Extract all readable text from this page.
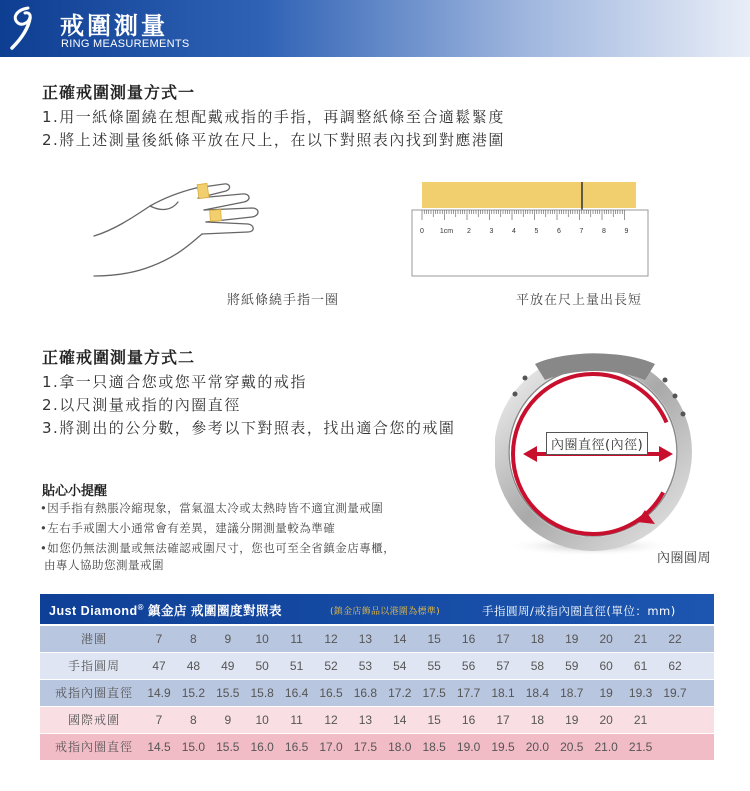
戒圍測量
RING MEASUREMENTS
正確戒圍測量方式一
1.用一紙條圍繞在想配戴戒指的手指，再調整紙條至合適鬆緊度
2.將上述測量後紙條平放在尺上，在以下對照表內找到對應港圍
0 1cm 2	3	4	5	6	7	8	9
將紙條繞手指一圈	平放在尺上量出長短
正確戒圍測量方式二
1.拿一只適合您或您平常穿戴的戒指
2.以尺測量戒指的內圈直徑
3.將測出的公分數，參考以下對照表，找出適合您的戒圍
內圈直徑(內徑)
內圈圓周
貼心小提醒
•因手指有熱脹冷縮現象，當氣溫太冷或太熱時皆不適宜測量戒圍
•左右手戒圍大小通常會有差異，建議分開測量較為準確
•如您仍無法測量或無法確認戒圍尺寸，您也可至全省鎮金店專櫃，
由專人協助您測量戒圍
Just Diamond® 鎮金店 戒圍圈度對照表	(鎮金店飾品以港圍為標準)	手指圓周/戒指內圈直徑(單位：mm)
港圍	7	8	9	10	11	12	13	14	15	16	17	18	19	20	21	22
手指圓周	47	48	49	50	51	52	53	54	55	56	57	58	59	60	61	62
戒指內圈直徑	14.9 15.2 15.5 15.8 16.4 16.5 16.8 17.2 17.5 17.7 18.1 18.4 18.7	19	19.3 19.7
國際戒圍	7	8	9	10	11	12	13	14	15	16	17	18	19	20	21
戒指內圈直徑	14.5 15.0 15.5 16.0 16.5 17.0 17.5 18.0 18.5 19.0 19.5 20.0 20.5 21.0 21.5
